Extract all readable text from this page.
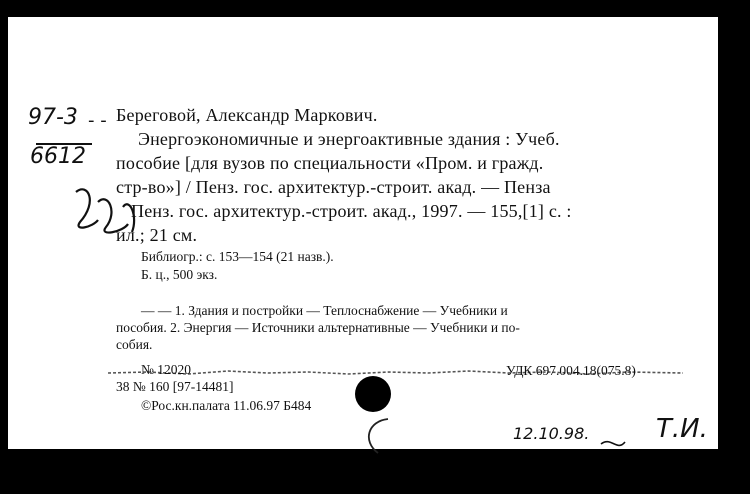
97-3 - -
6612
Береговой, Александр Маркович.
Энергоэкономичные и энергоактивные здания : Учеб.
пособие [для вузов по специальности «Пром. и гражд.
стр-во»] / Пенз. гос. архитектур.-строит. акад. — Пенза
Пенз. гос. архитектур.-строит. акад., 1997. — 155,[1] с. :
ил.; 21 см.
Библиогр.: с. 153—154 (21 назв.).
Б. ц., 500 экз.
— — 1. Здания и постройки — Теплоснабжение — Учебники и
пособия. 2. Энергия — Источники альтернативные — Учебники и по-
собия.
№ 12020	УДК 697.004.18(075.8)
38 № 160 [97-14481]
©Рос.кн.палата 11.06.97 Б484
12.10.98.	Т.И.
